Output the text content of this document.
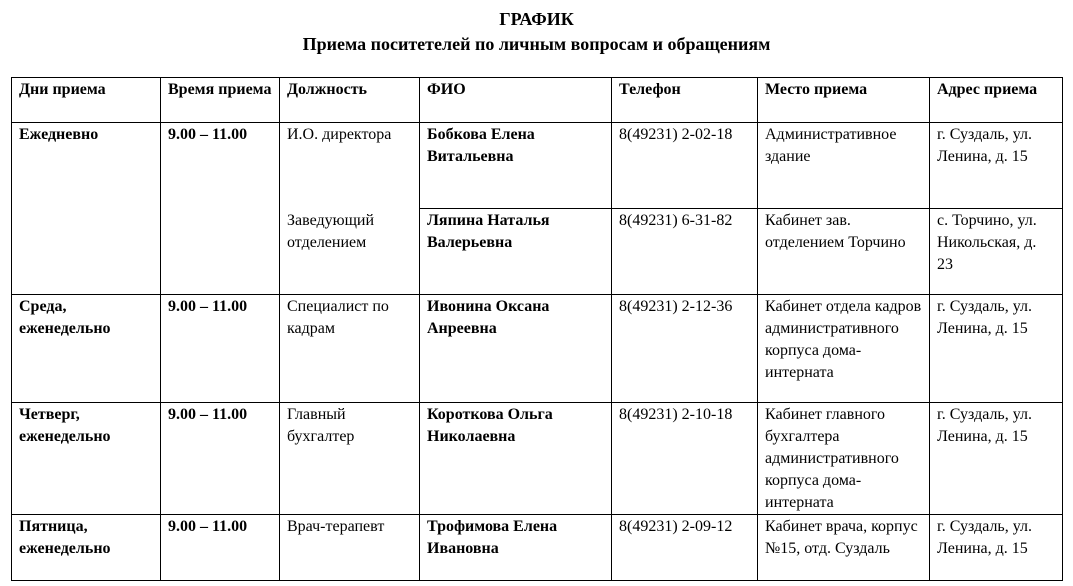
ГРАФИК
Приема поситетелей по личным вопросам и обращениям
Дни приема	Время приема	Должность	ФИО	Телефон	Место приема	Адрес приема
Ежедневно	9.00 – 11.00	И.О. директора	Бобкова Елена Витальевна	8(49231) 2-02-18	Административное здание	г. Суздаль, ул. Ленина, д. 15
		Заведующий отделением	Ляпина Наталья Валерьевна	8(49231) 6-31-82	Кабинет зав. отделением Торчино	с. Торчино, ул. Никольская, д. 23
Среда, еженедельно	9.00 – 11.00	Специалист по кадрам	Ивонина Оксана Анреевна	8(49231) 2-12-36	Кабинет отдела кадров административного корпуса дома-интерната	г. Суздаль, ул. Ленина, д. 15
Четверг, еженедельно	9.00 – 11.00	Главный бухгалтер	Короткова Ольга Николаевна	8(49231) 2-10-18	Кабинет главного бухгалтера административного корпуса дома-интерната	г. Суздаль, ул. Ленина, д. 15
Пятница, еженедельно	9.00 – 11.00	Врач-терапевт	Трофимова Елена Ивановна	8(49231) 2-09-12	Кабинет врача, корпус №15, отд. Суздаль	г. Суздаль, ул. Ленина, д. 15
